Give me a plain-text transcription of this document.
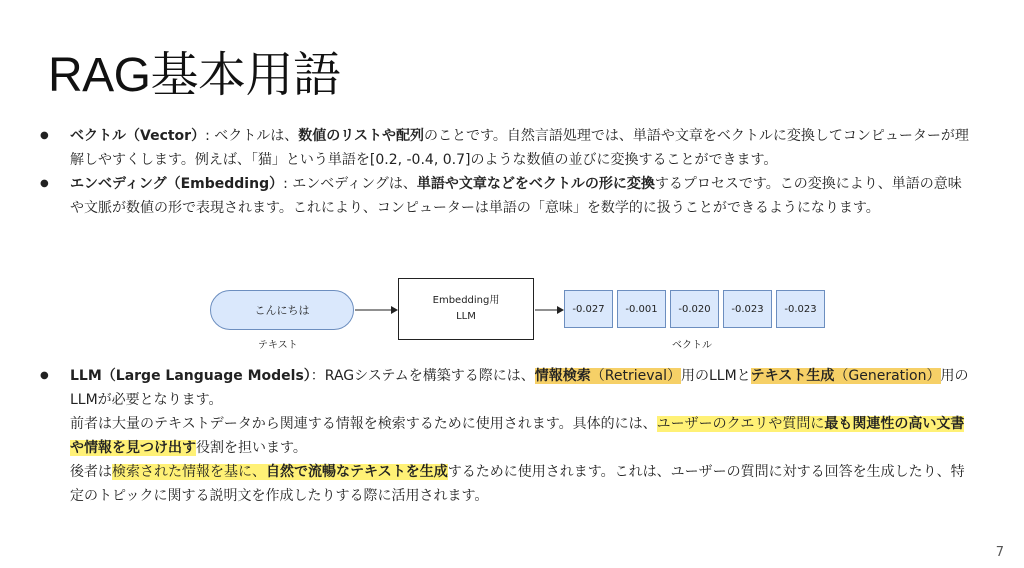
RAG基本用語
● ベクトル（Vector）: ベクトルは、数値のリストや配列のことです。自然言語処理では、単語や文章をベクトルに変換してコンピューターが理解しやすくします。例えば、「猫」という単語を[0.2, -0.4, 0.7]のような数値の並びに変換することができます。
● エンベディング（Embedding）: エンベディングは、単語や文章などをベクトルの形に変換するプロセスです。この変換により、単語の意味や文脈が数値の形で表現されます。これにより、コンピューターは単語の「意味」を数学的に扱うことができるようになります。
こんにちは
テキスト
Embedding用
LLM
-0.027	-0.001	-0.020	-0.023	-0.023
ベクトル
● LLM（Large Language Models）：RAGシステムを構築する際には、情報検索（Retrieval）用のLLMとテキスト生成（Generation）用のLLMが必要となります。
前者は大量のテキストデータから関連する情報を検索するために使用されます。具体的には、ユーザーのクエリや質問に最も関連性の高い文書や情報を見つけ出す役割を担います。
後者は検索された情報を基に、自然で流暢なテキストを生成するために使用されます。これは、ユーザーの質問に対する回答を生成したり、特定のトピックに関する説明文を作成したりする際に活用されます。
7
